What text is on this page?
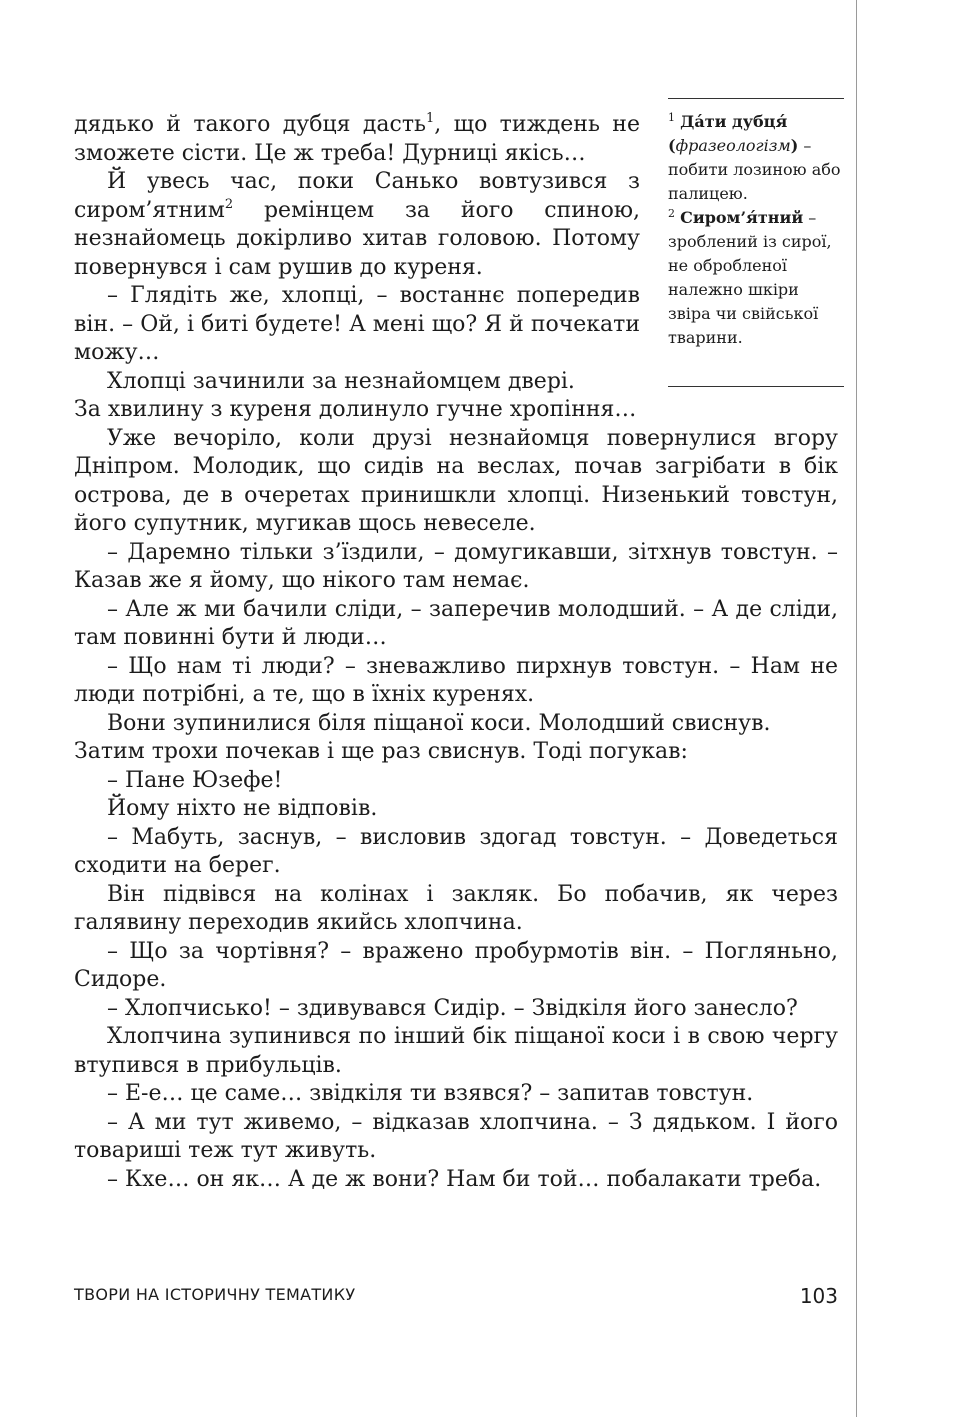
$^1$ Да́ти дубця́
(фразеологізм) – побити лозиною або палицею.

$^2$ Сиром’я́тний – зроблений із сирої, не обробленої належно шкіри звіра чи свійської тварини.

дядько й такого дубця дасть$^1$, що тиждень не зможете сісти. Це ж треба! Дурниці якісь…

Й увесь час, поки Санько вовтузився з сиром’ятним$^2$ ремінцем за його спиною, незнайомець докірливо хитав головою. Потому повернувся і сам рушив до куреня.

– Глядіть же, хлопці, – востаннє попередив він. – Ой, і биті будете! А мені що? Я й почекати можу…

Хлопці зачинили за незнайомцем двері.

За хвилину з куреня долинуло гучне хропіння…

Уже вечоріло, коли друзі незнайомця повернулися вгору Дніпром. Молодик, що сидів на веслах, почав загрібати в бік острова, де в очеретах принишкли хлопці. Низенький товстун, його супутник, мугикав щось невеселе.

– Даремно тільки з’їздили, – домугикавши, зітхнув товстун. – Казав же я йому, що нікого там немає.

– Але ж ми бачили сліди, – заперечив молодший. – А де сліди, там повинні бути й люди…

– Що нам ті люди? – зневажливо пирхнув товстун. – Нам не люди потрібні, а те, що в їхніх куренях.

Вони зупинилися біля піщаної коси. Молодший свиснув.
Затим трохи почекав і ще раз свиснув. Тоді погукав:

– Пане Юзефе!

Йому ніхто не відповів.

– Мабуть, заснув, – висловив здогад товстун. – Доведеться сходити на берег.

Він підвівся на колінах і закляк. Бо побачив, як через галявину переходив якийсь хлопчина.

– Що за чортівня? – вражено пробурмотів він. – Погляньно, Сидоре.

– Хлопчисько! – здивувався Сидір. – Звідкіля його занесло?

Хлопчина зупинився по інший бік піщаної коси і в свою чергу втупився в прибульців.

– Е-е… це саме… звідкіля ти взявся? – запитав товстун.

– А ми тут живемо, – відказав хлопчина. – З дядьком. І його товариші теж тут живуть.

– Кхе… он як… А де ж вони? Нам би той… побалакати треба.

ТВОРИ НА ІСТОРИЧНУ ТЕМАТИКУ	103
